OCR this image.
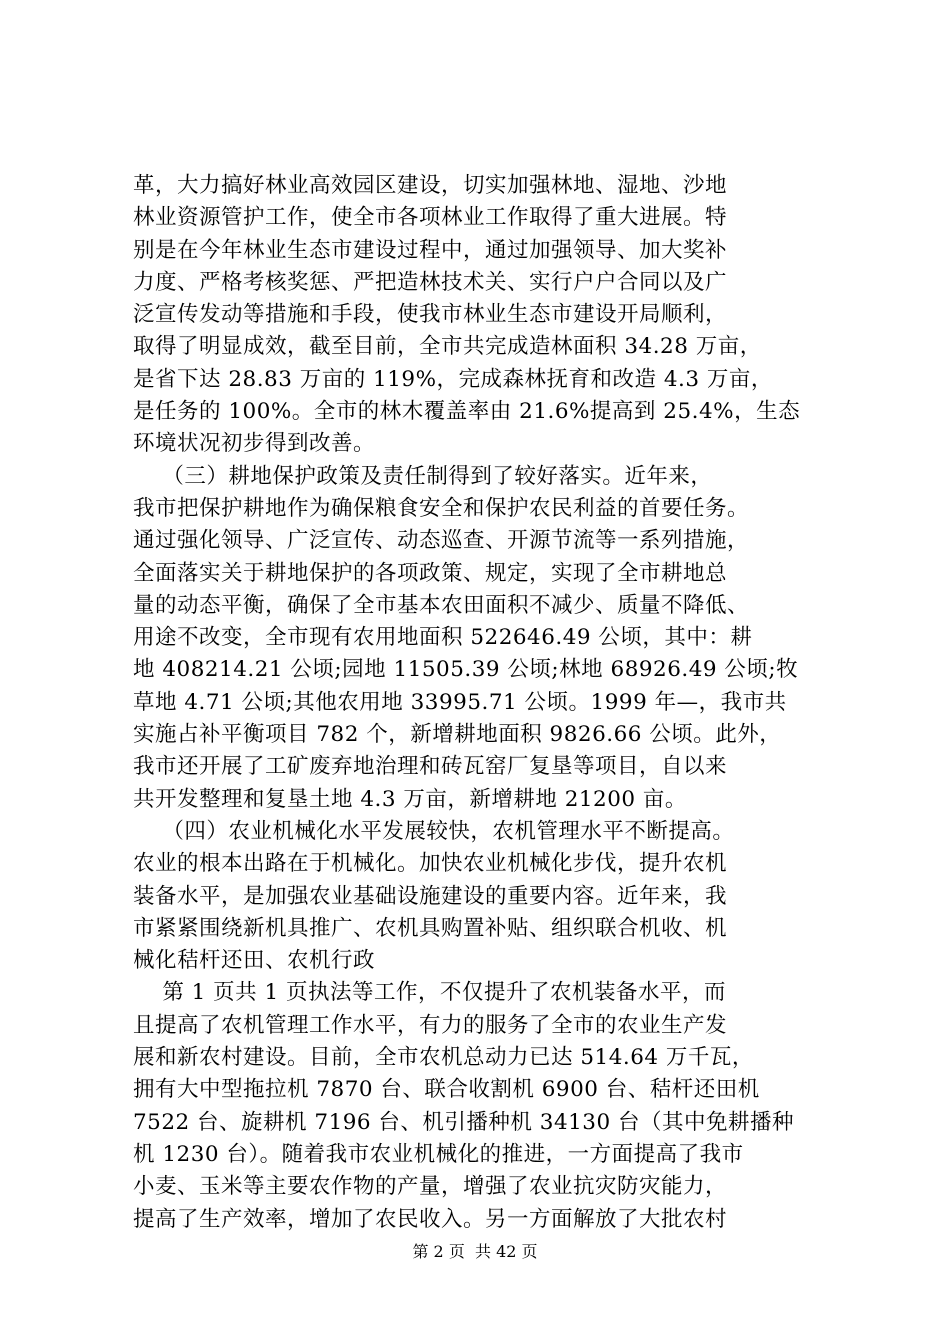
革，大力搞好林业高效园区建设，切实加强林地、湿地、沙地
林业资源管护工作，使全市各项林业工作取得了重大进展。特
别是在今年林业生态市建设过程中，通过加强领导、加大奖补
力度、严格考核奖惩、严把造林技术关、实行户户合同以及广
泛宣传发动等措施和手段，使我市林业生态市建设开局顺利，
取得了明显成效，截至目前，全市共完成造林面积 34.28 万亩，
是省下达 28.83 万亩的 119%，完成森林抚育和改造 4.3 万亩，
是任务的 100%。全市的林木覆盖率由 21.6%提高到 25.4%，生态
环境状况初步得到改善。
（三）耕地保护政策及责任制得到了较好落实。近年来，
我市把保护耕地作为确保粮食安全和保护农民利益的首要任务。
通过强化领导、广泛宣传、动态巡查、开源节流等一系列措施，
全面落实关于耕地保护的各项政策、规定，实现了全市耕地总
量的动态平衡，确保了全市基本农田面积不减少、质量不降低、
用途不改变，全市现有农用地面积 522646.49 公顷，其中：耕
地 408214.21 公顷;园地 11505.39 公顷;林地 68926.49 公顷;牧
草地 4.71 公顷;其他农用地 33995.71 公顷。1999 年—，我市共
实施占补平衡项目 782 个，新增耕地面积 9826.66 公顷。此外，
我市还开展了工矿废弃地治理和砖瓦窑厂复垦等项目，自以来
共开发整理和复垦土地 4.3 万亩，新增耕地 21200 亩。
（四）农业机械化水平发展较快，农机管理水平不断提高。
农业的根本出路在于机械化。加快农业机械化步伐，提升农机
装备水平，是加强农业基础设施建设的重要内容。近年来，我
市紧紧围绕新机具推广、农机具购置补贴、组织联合机收、机
械化秸杆还田、农机行政
第 1 页共 1 页执法等工作，不仅提升了农机装备水平，而
且提高了农机管理工作水平，有力的服务了全市的农业生产发
展和新农村建设。目前，全市农机总动力已达 514.64 万千瓦，
拥有大中型拖拉机 7870 台、联合收割机 6900 台、秸杆还田机
7522 台、旋耕机 7196 台、机引播种机 34130 台（其中免耕播种
机 1230 台）。随着我市农业机械化的推进，一方面提高了我市
小麦、玉米等主要农作物的产量，增强了农业抗灾防灾能力，
提高了生产效率，增加了农民收入。另一方面解放了大批农村
第 2 页  共 42 页
